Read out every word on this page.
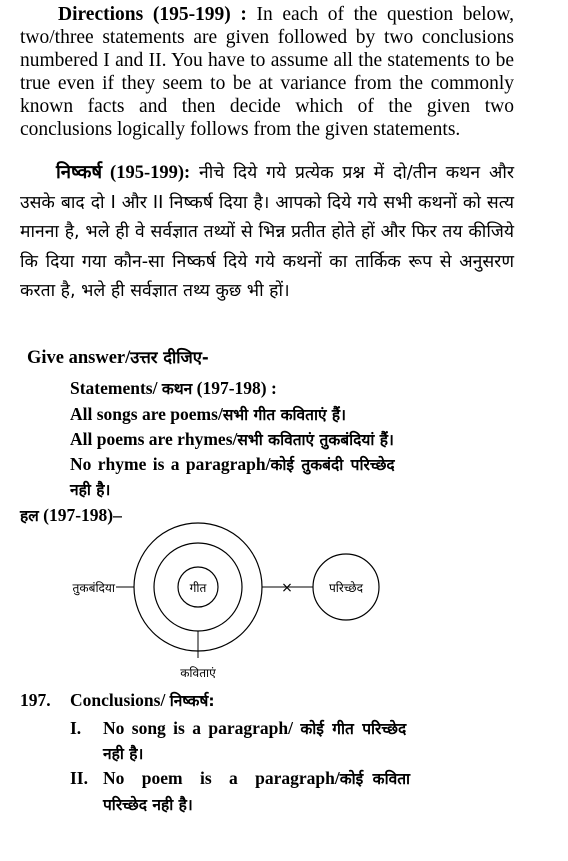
Directions (195-199) : In each of the question below, two/three statements are given followed by two conclusions numbered I and II. You have to assume all the statements to be true even if they seem to be at variance from the commonly known facts and then decide which of the given two conclusions logically follows from the given statements.
निष्कर्ष (195-199): नीचे दिये गये प्रत्येक प्रश्न में दो/तीन कथन और उसके बाद दो I और II निष्कर्ष दिया है। आपको दिये गये सभी कथनों को सत्य मानना है, भले ही वे सर्वज्ञात तथ्यों से भिन्न प्रतीत होते हों और फिर तय कीजिये कि दिया गया कौन-सा निष्कर्ष दिये गये कथनों का तार्किक रूप से अनुसरण करता है, भले ही सर्वज्ञात तथ्य कुछ भी हों।
Give answer/उत्तर दीजिए-
Statements/ कथन (197-198) :
All songs are poems/सभी गीत कविताएं हैं।
All poems are rhymes/सभी कविताएं तुकबंदियां हैं।
No rhyme is a paragraph/कोई तुकबंदी परिच्छेद
नही है।
हल (197-198)–
×
गीत
तुकबंदिया
कविताएं
परिच्छेद
197. Conclusions/ निष्कर्ष:
I. No song is a paragraph/ कोई गीत परिच्छेद
नही है।
II. No poem is a paragraph/कोई कविता
परिच्छेद नही है।
